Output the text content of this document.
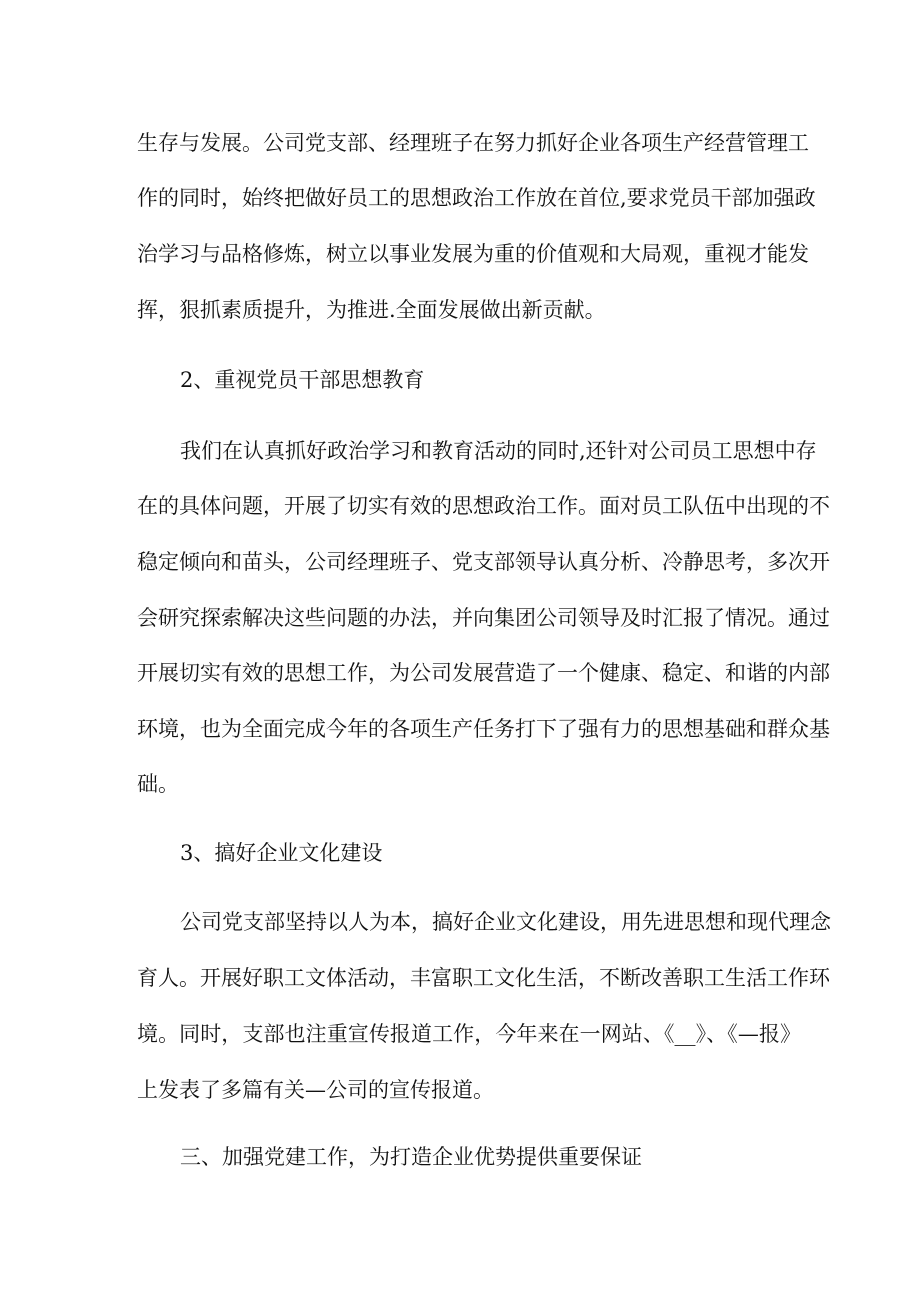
生存与发展。公司党支部、经理班子在努力抓好企业各项生产经营管理工
作的同时，始终把做好员工的思想政治工作放在首位,要求党员干部加强政
治学习与品格修炼，树立以事业发展为重的价值观和大局观，重视才能发
挥，狠抓素质提升，为推进.全面发展做出新贡献。
2、重视党员干部思想教育
我们在认真抓好政治学习和教育活动的同时,还针对公司员工思想中存
在的具体问题，开展了切实有效的思想政治工作。面对员工队伍中出现的不
稳定倾向和苗头，公司经理班子、党支部领导认真分析、冷静思考，多次开
会研究探索解决这些问题的办法，并向集团公司领导及时汇报了情况。通过
开展切实有效的思想工作，为公司发展营造了一个健康、稳定、和谐的内部
环境，也为全面完成今年的各项生产任务打下了强有力的思想基础和群众基
础。
3、搞好企业文化建设
公司党支部坚持以人为本，搞好企业文化建设，用先进思想和现代理念
育人。开展好职工文体活动，丰富职工文化生活，不断改善职工生活工作环
境。同时，支部也注重宣传报道工作，今年来在一网站、《__》、《—报》
上发表了多篇有关—公司的宣传报道。
三、加强党建工作，为打造企业优势提供重要保证
